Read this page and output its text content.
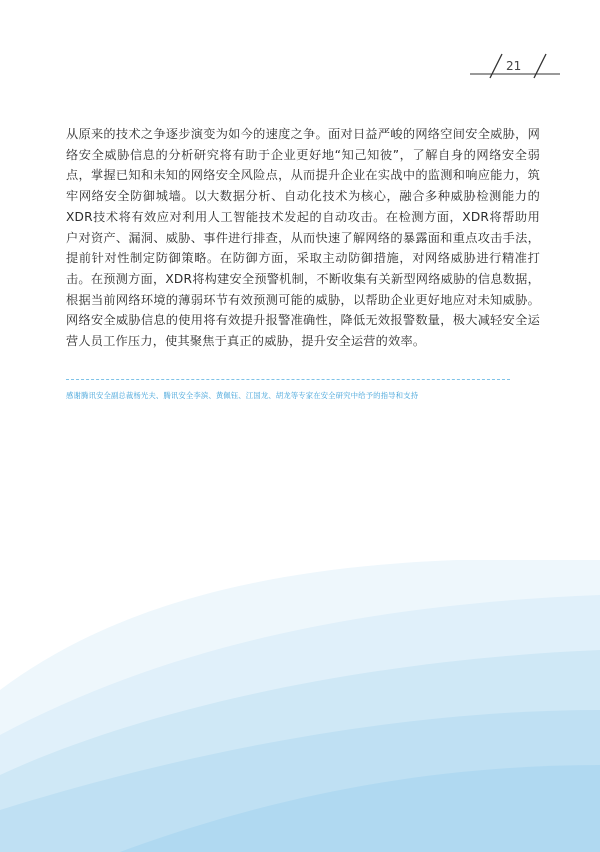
21

从原来的技术之争逐步演变为如今的速度之争。面对日益严峻的网络空间安全威胁，网络安全威胁信息的分析研究将有助于企业更好地“知己知彼”，了解自身的网络安全弱点，掌握已知和未知的网络安全风险点，从而提升企业在实战中的监测和响应能力，筑牢网络安全防御城墙。以大数据分析、自动化技术为核心，融合多种威胁检测能力的XDR技术将有效应对利用人工智能技术发起的自动攻击。在检测方面，XDR将帮助用户对资产、漏洞、威胁、事件进行排查，从而快速了解网络的暴露面和重点攻击手法，提前针对性制定防御策略。在防御方面，采取主动防御措施，对网络威胁进行精准打击。在预测方面，XDR将构建安全预警机制，不断收集有关新型网络威胁的信息数据，根据当前网络环境的薄弱环节有效预测可能的威胁，以帮助企业更好地应对未知威胁。网络安全威胁信息的使用将有效提升报警准确性，降低无效报警数量，极大减轻安全运营人员工作压力，使其聚焦于真正的威胁，提升安全运营的效率。

感谢腾讯安全副总裁杨光夫、腾讯安全李滨、黄佩钰、江国龙、胡龙等专家在安全研究中给予的指导和支持
